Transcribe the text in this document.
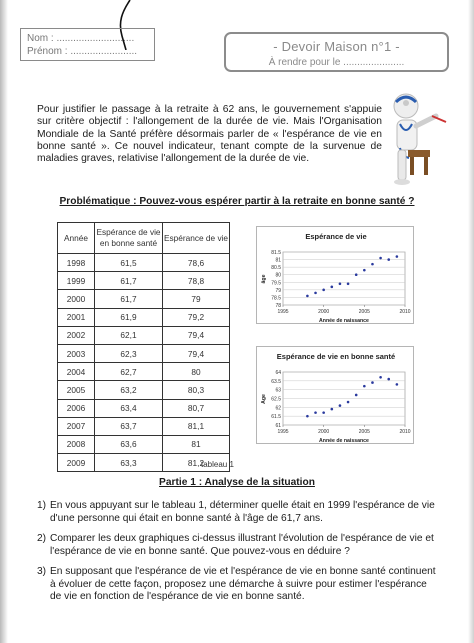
Nom : ............................
Prénom : ........................	- Devoir Maison n°1 -
À rendre pour le ......................

Pour justifier le passage à la retraite à 62 ans, le gouvernement s'appuie sur critère objectif : l'allongement de la durée de vie. Mais l'Organisation Mondiale de la Santé préfère désormais parler de « l'espérance de vie en bonne santé ». Ce nouvel indicateur, tenant compte de la survenue de maladies graves, relativise l'allongement de la durée de vie.

Problématique : Pouvez-vous espérer partir à la retraite en bonne santé ?
Année	Espérance de vie en bonne santé	Espérance de vie
1998	61,5	78,6
1999	61,7	78,8
2000	61,7	79
2001	61,9	79,2
2002	62,1	79,4
2003	62,3	79,4
2004	62,7	80
2005	63,2	80,3
2006	63,4	80,7
2007	63,7	81,1
2008	63,6	81
2009	63,3	81,2
tableau 1
Espérance de vie
78
78.5
79
79.5
80
80.5
81
81.5
1995	2000	2005	2010
Année de naissance
âge
Espérance de vie en bonne santé
61
61.5
62
62.5
63
63.5
64
1995	2000	2005	2010
Année de naissance
Age
Partie 1 : Analyse de la situation
1) En vous appuyant sur le tableau 1, déterminer quelle était en 1999 l'espérance de vie d'une personne qui était en bonne santé à l'âge de 61,7 ans.
2) Comparer les deux graphiques ci-dessus illustrant l'évolution de l'espérance de vie et l'espérance de vie en bonne santé. Que pouvez-vous en déduire ?
3) En supposant que l'espérance de vie et l'espérance de vie en bonne santé continuent à évoluer de cette façon, proposez une démarche à suivre pour estimer l'espérance de vie en fonction de l'espérance de vie en bonne santé.
